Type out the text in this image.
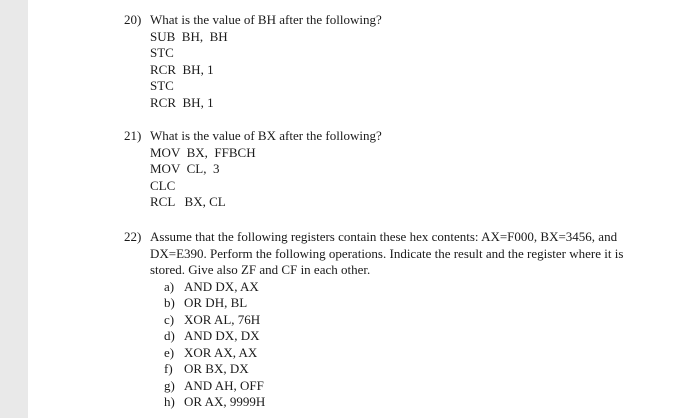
20) What is the value of BH after the following?
SUB  BH,  BH
STC
RCR  BH, 1
STC
RCR  BH, 1
21) What is the value of BX after the following?
MOV  BX,  FFBCH
MOV  CL,  3
CLC
RCL   BX, CL
22) Assume that the following registers contain these hex contents: AX=F000, BX=3456, and DX=E390. Perform the following operations. Indicate the result and the register where it is stored. Give also ZF and CF in each other.
a) AND DX, AX
b) OR DH, BL
c) XOR AL, 76H
d) AND DX, DX
e) XOR AX, AX
f) OR BX, DX
g) AND AH, OFF
h) OR AX, 9999H
